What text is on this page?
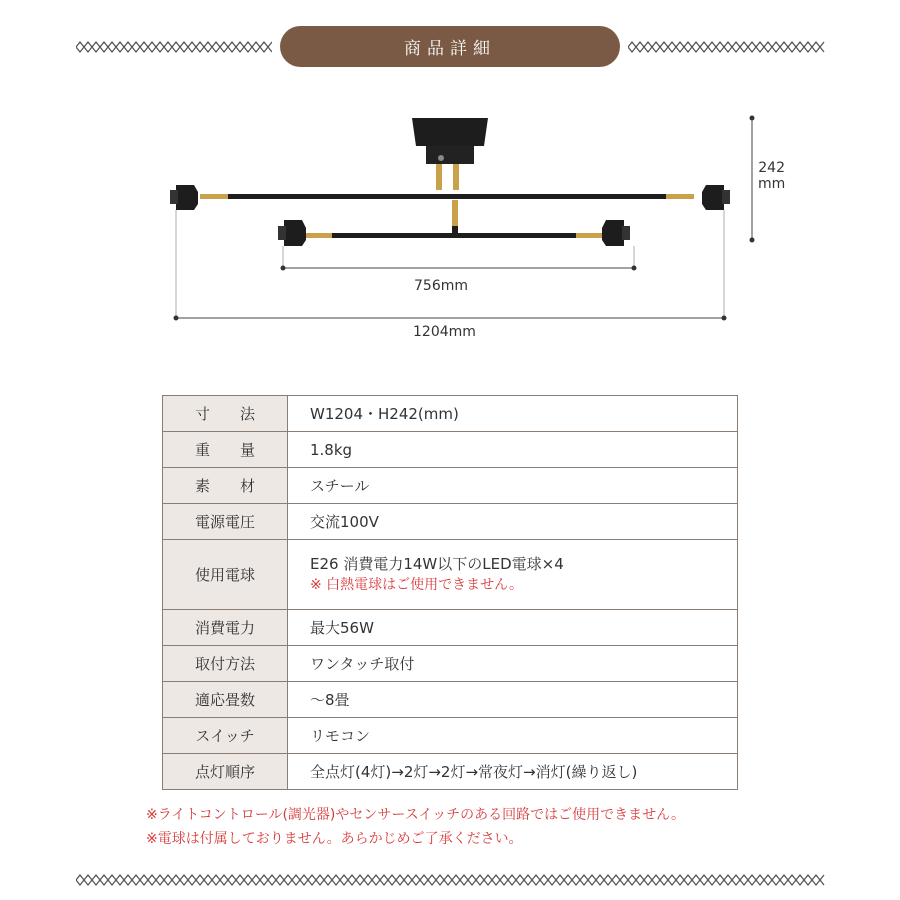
商品詳細
242
mm
756mm
1204mm
寸　　法	W1204・H242(mm)
重　　量	1.8kg
素　　材	スチール
電源電圧	交流100V
使用電球	E26 消費電力14W以下のLED電球×4
※ 白熱電球はご使用できません。

消費電力	最大56W
取付方法	ワンタッチ取付
適応畳数	〜8畳
スイッチ	リモコン
点灯順序	全点灯(4灯)→2灯→2灯→常夜灯→消灯(繰り返し)
※ライトコントロール(調光器)やセンサースイッチのある回路ではご使用できません。
※電球は付属しておりません。あらかじめご了承ください。
